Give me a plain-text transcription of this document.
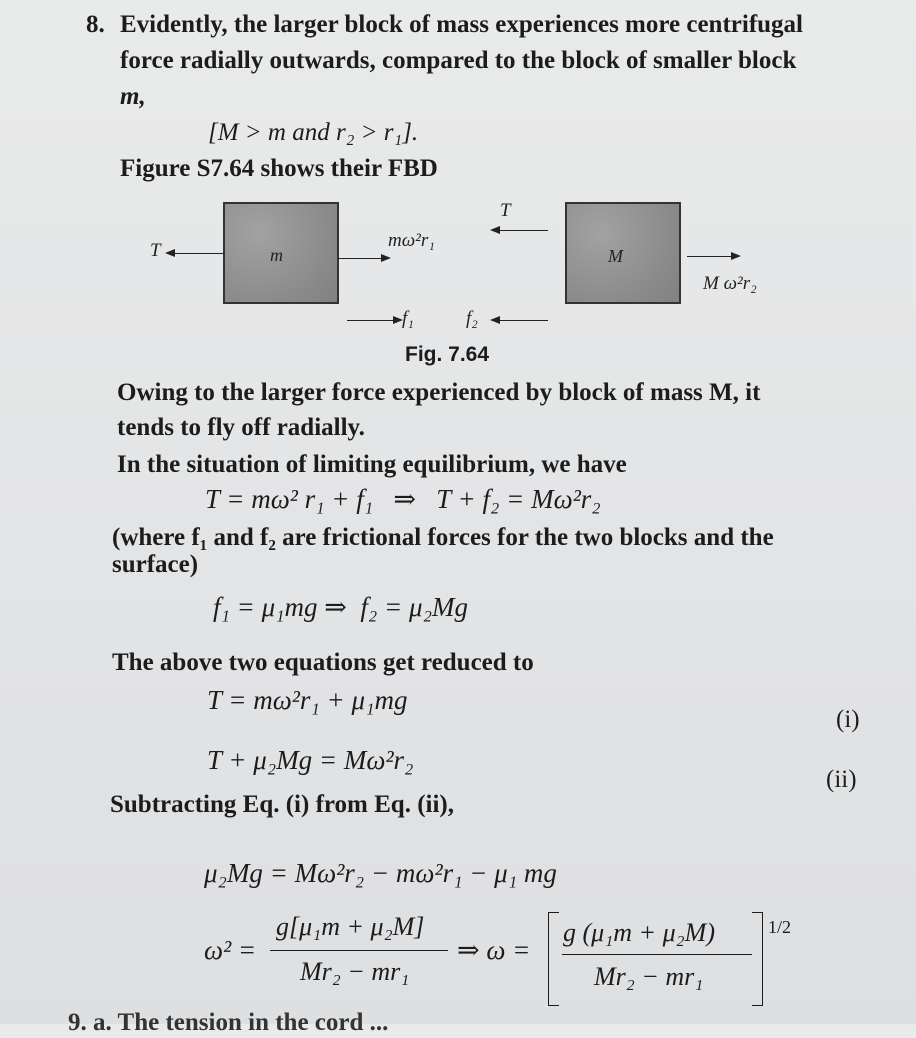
8. Evidently, the larger block of mass experiences more centrifugal
force radially outwards, compared to the block of smaller block
m,
[M > m and r₂ > r₁].
Figure S7.64 shows their FBD
m	M
T	mω²r₁
T
M ω²r₂
f₁	f₂
Fig. 7.64
Owing to the larger force experienced by block of mass M, it
tends to fly off radially.
In the situation of limiting equilibrium, we have
T = mω² r₁ + f₁   ⇒   T + f₂ = Mω²r₂
(where f₁ and f₂ are frictional forces for the two blocks and the
surface)
f₁ = μ₁mg ⇒  f₂ = μ₂Mg
The above two equations get reduced to
T = mω²r₁ + μ₁mg
(i)
T + μ₂Mg = Mω²r₂
(ii)
Subtracting Eq. (i) from Eq. (ii),
μ₂Mg = Mω²r₂ − mω²r₁ − μ₁ mg
ω² =
g[μ₁m + μ₂M]
Mr₂ − mr₁
⇒ ω =
g (μ₁m + μ₂M)
Mr₂ − mr₁
1/2
9. a. The tension in the cord ...
